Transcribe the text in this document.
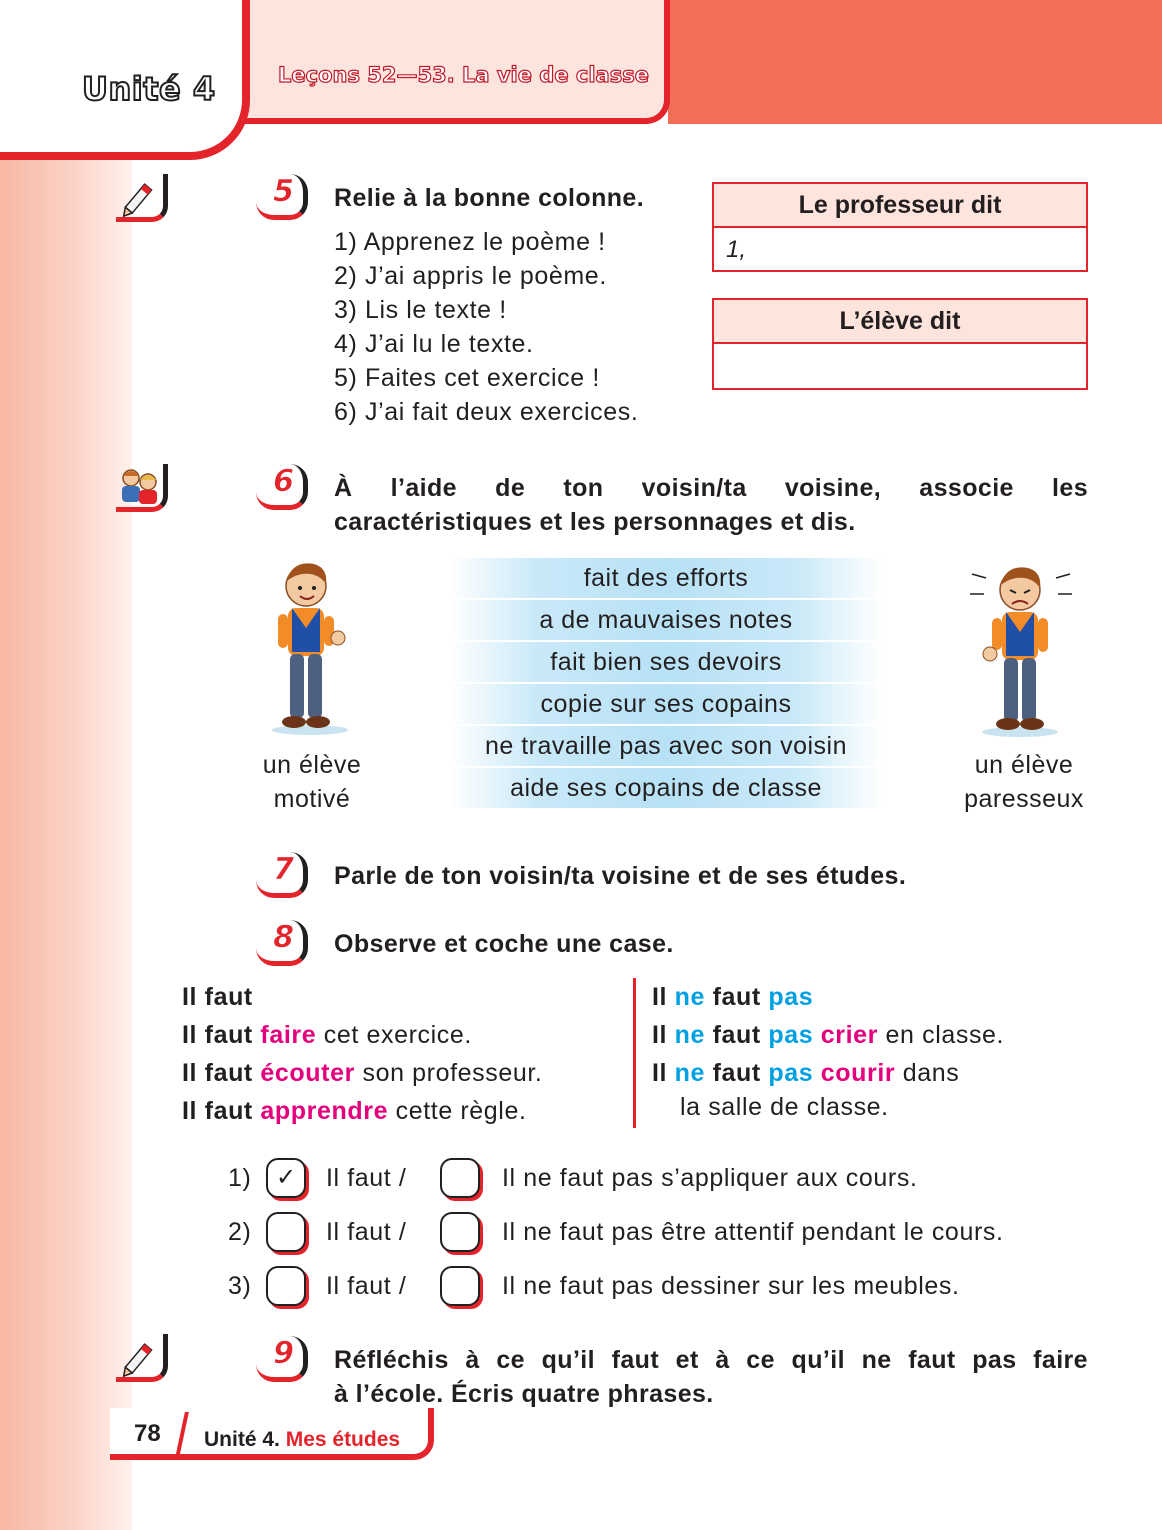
Unité 4	Leçons 52—53. La vie de classe
5 Relie à la bonne colonne.
1) Apprenez le poème !
2) J’ai appris le poème.
3) Lis le texte !
4) J’ai lu le texte.
5) Faites cet exercice !
6) J’ai fait deux exercices.
Le professeur dit
1,
L’élève dit
6 À l’aide de ton voisin/ta voisine, associe les
caractéristiques et les personnages et dis.
fait des efforts
a de mauvaises notes
fait bien ses devoirs
copie sur ses copains
ne travaille pas avec son voisin
aide ses copains de classe
un élève
motivé
un élève
paresseux
7 Parle de ton voisin/ta voisine et de ses études.
8 Observe et coche une case.
Il faut
Il faut faire cet exercice.
Il faut écouter son professeur.
Il faut apprendre cette règle.
Il ne faut pas
Il ne faut pas crier en classe.
Il ne faut pas courir dans
la salle de classe.
1)	✓	Il faut /	Il ne faut pas s’appliquer aux cours.
2)	Il faut /	Il ne faut pas être attentif pendant le cours.
3)	Il faut /	Il ne faut pas dessiner sur les meubles.
9 Réfléchis à ce qu’il faut et à ce qu’il ne faut pas faire
à l’école. Écris quatre phrases.
78 Unité 4. Mes études
